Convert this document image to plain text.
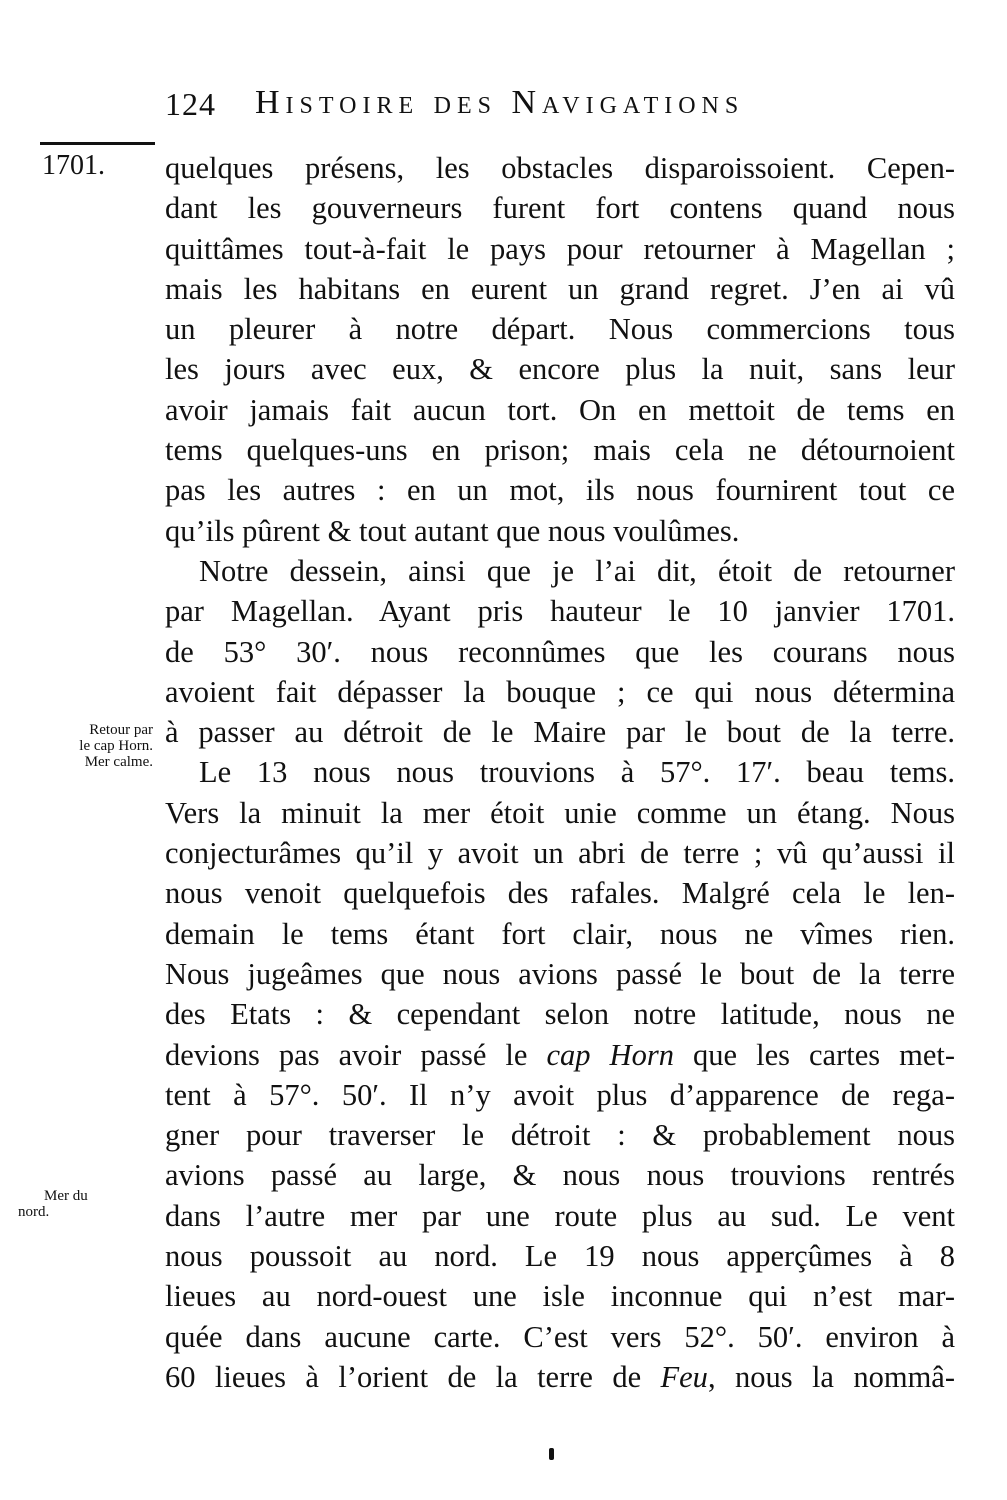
124 Histoire des Navigations
1701.
Retour par
le cap Horn.
Mer calme.
Mer du
nord.
quelques présens, les obstacles disparoissoient. Cepen-
dant les gouverneurs furent fort contens quand nous
quittâmes tout-à-fait le pays pour retourner à Magellan ;
mais les habitans en eurent un grand regret. J’en ai vû
un pleurer à notre départ. Nous commercions tous
les jours avec eux, & encore plus la nuit, sans leur
avoir jamais fait aucun tort. On en mettoit de tems en
tems quelques-uns en prison; mais cela ne détournoient
pas les autres : en un mot, ils nous fournirent tout ce
qu’ils pûrent & tout autant que nous voulûmes.
Notre dessein, ainsi que je l’ai dit, étoit de retourner
par Magellan. Ayant pris hauteur le 10 janvier 1701.
de 53° 30′. nous reconnûmes que les courans nous
avoient fait dépasser la bouque ; ce qui nous détermina
à passer au détroit de le Maire par le bout de la terre.
Le 13 nous nous trouvions à 57°. 17′. beau tems.
Vers la minuit la mer étoit unie comme un étang. Nous
conjecturâmes qu’il y avoit un abri de terre ; vû qu’aussi il
nous venoit quelquefois des rafales. Malgré cela le len-
demain le tems étant fort clair, nous ne vîmes rien.
Nous jugeâmes que nous avions passé le bout de la terre
des Etats : & cependant selon notre latitude, nous ne
devions pas avoir passé le cap Horn que les cartes met-
tent à 57°. 50′. Il n’y avoit plus d’apparence de rega-
gner pour traverser le détroit : & probablement nous
avions passé au large, & nous nous trouvions rentrés
dans l’autre mer par une route plus au sud. Le vent
nous poussoit au nord. Le 19 nous apperçûmes à 8
lieues au nord-ouest une isle inconnue qui n’est mar-
quée dans aucune carte. C’est vers 52°. 50′. environ à
60 lieues à l’orient de la terre de Feu, nous la nommâ-
